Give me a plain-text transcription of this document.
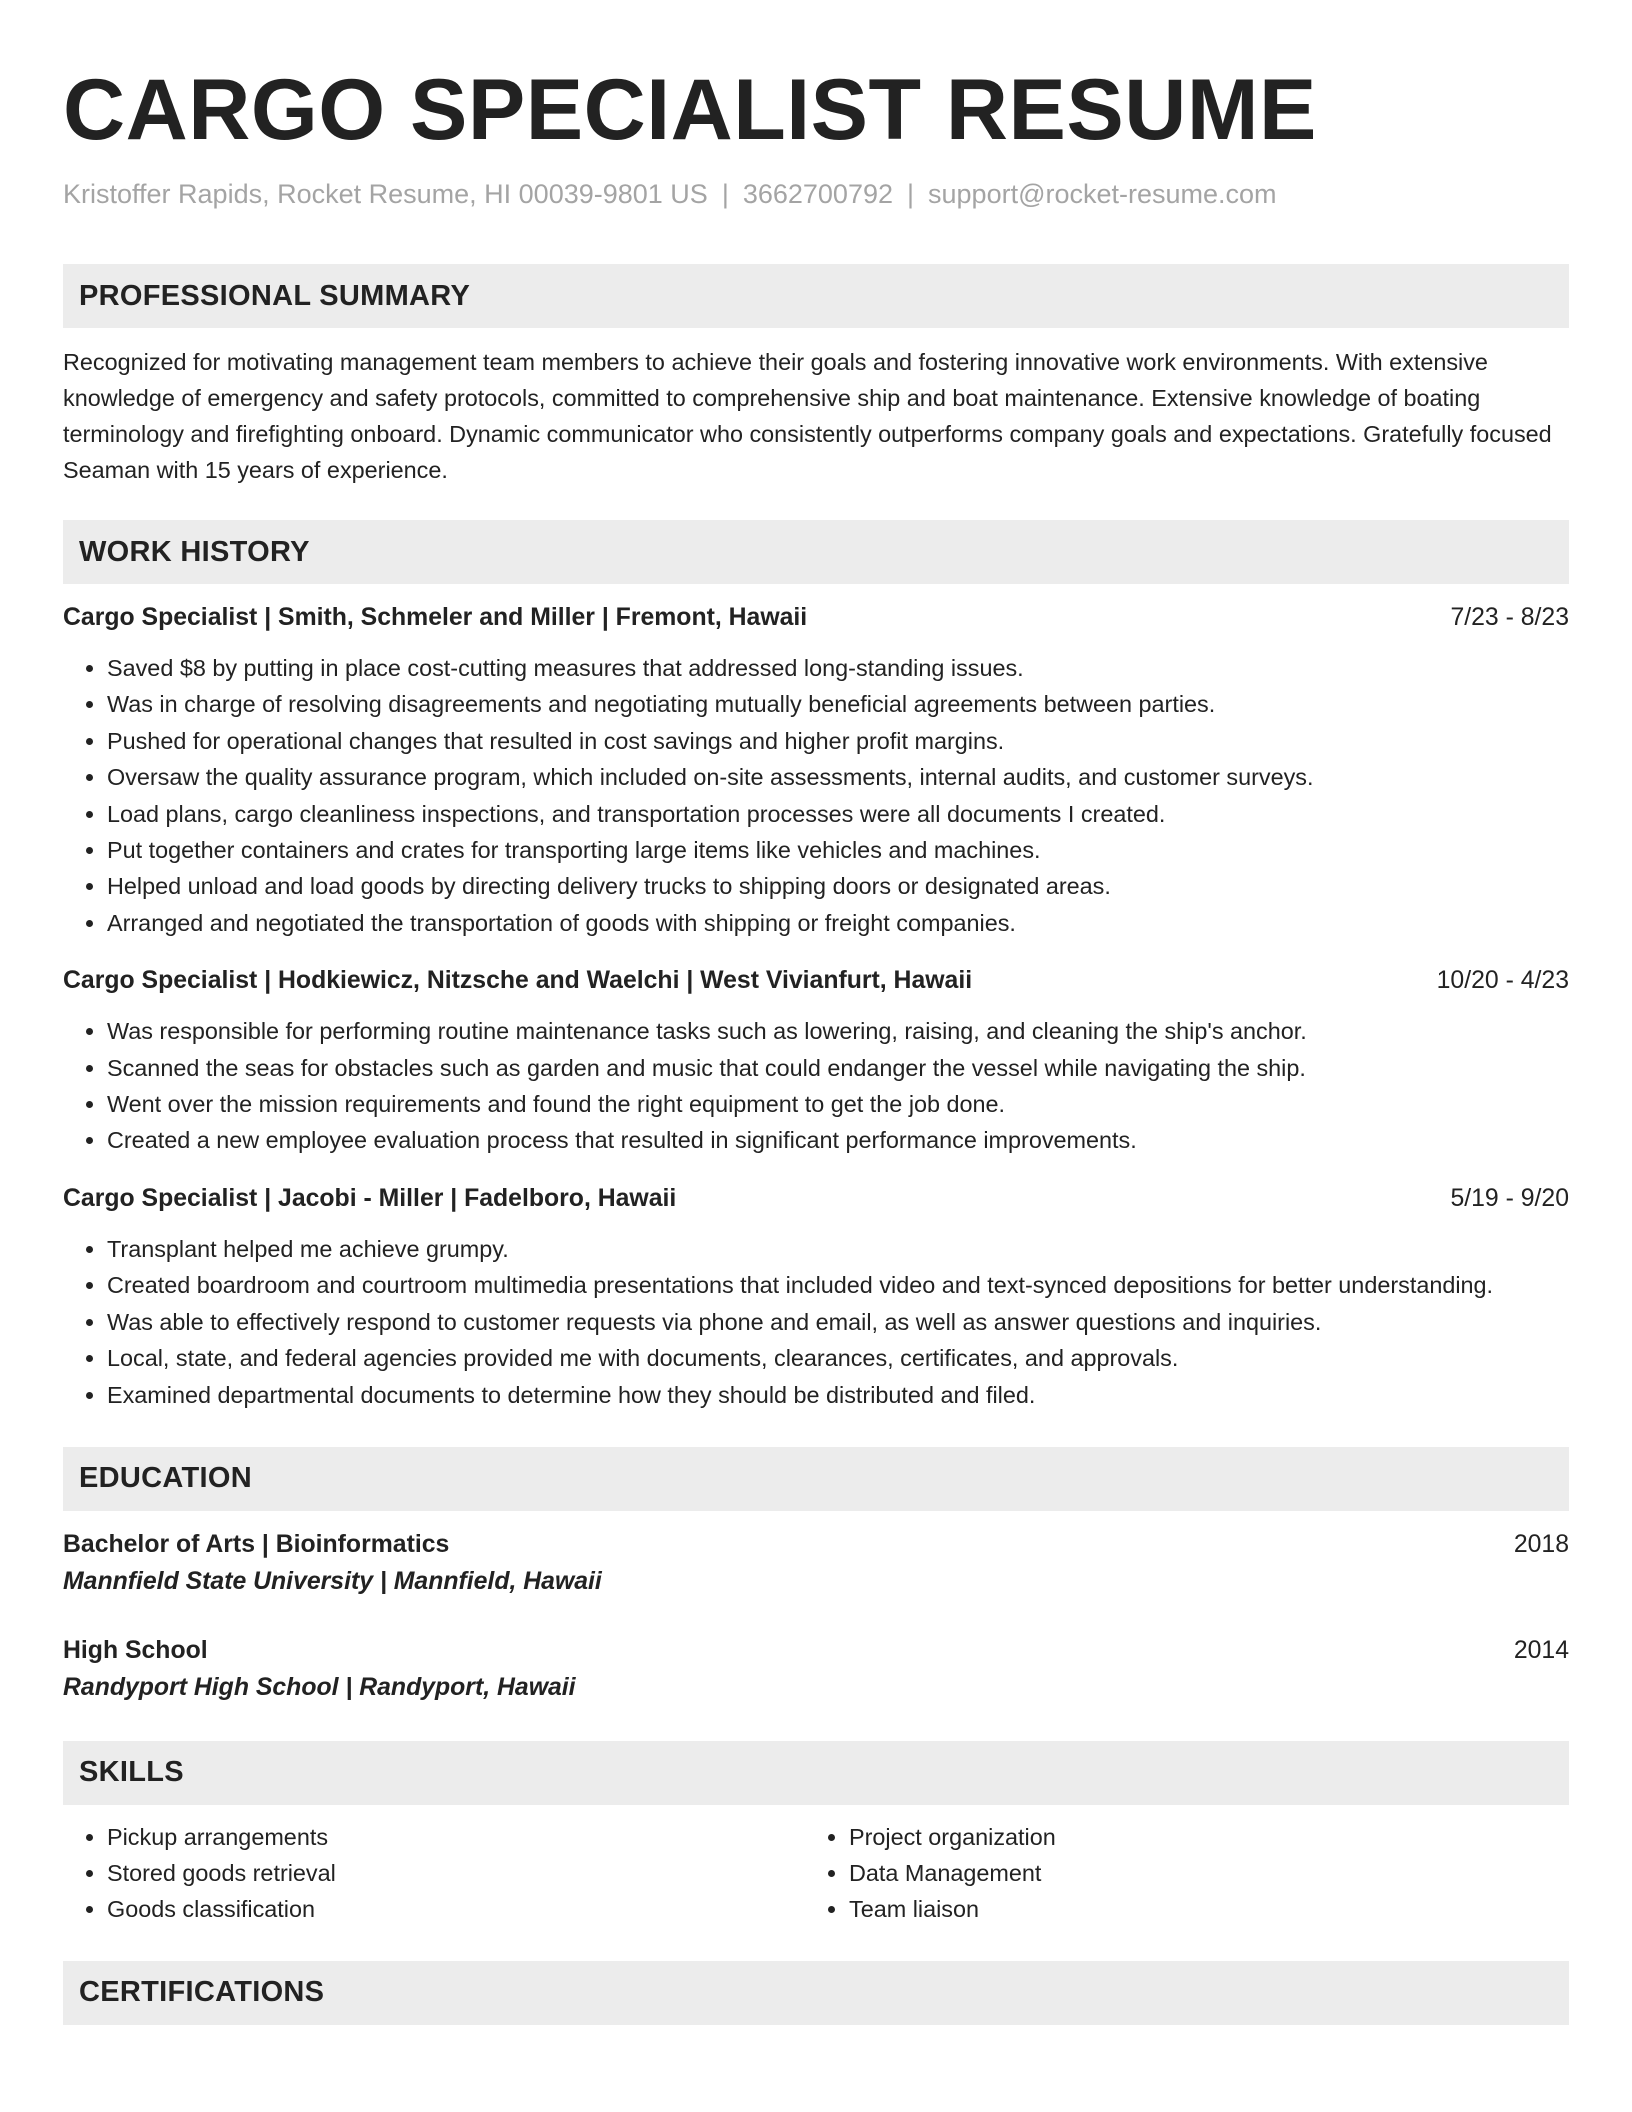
CARGO SPECIALIST RESUME
Kristoffer Rapids, Rocket Resume, HI 00039-9801 US | 3662700792 | support@rocket-resume.com
PROFESSIONAL SUMMARY

Recognized for motivating management team members to achieve their goals and fostering innovative work environments. With extensive knowledge of emergency and safety protocols, committed to comprehensive ship and boat maintenance. Extensive knowledge of boating terminology and firefighting onboard. Dynamic communicator who consistently outperforms company goals and expectations. Gratefully focused Seaman with 15 years of experience.

WORK HISTORY
Cargo Specialist | Smith, Schmeler and Miller | Fremont, Hawaii	7/23 - 8/23
• Saved $8 by putting in place cost-cutting measures that addressed long-standing issues.
• Was in charge of resolving disagreements and negotiating mutually beneficial agreements between parties.
• Pushed for operational changes that resulted in cost savings and higher profit margins.
• Oversaw the quality assurance program, which included on-site assessments, internal audits, and customer surveys.
• Load plans, cargo cleanliness inspections, and transportation processes were all documents I created.
• Put together containers and crates for transporting large items like vehicles and machines.
• Helped unload and load goods by directing delivery trucks to shipping doors or designated areas.
• Arranged and negotiated the transportation of goods with shipping or freight companies.
Cargo Specialist | Hodkiewicz, Nitzsche and Waelchi | West Vivianfurt, Hawaii	10/20 - 4/23
• Was responsible for performing routine maintenance tasks such as lowering, raising, and cleaning the ship's anchor.
• Scanned the seas for obstacles such as garden and music that could endanger the vessel while navigating the ship.
• Went over the mission requirements and found the right equipment to get the job done.
• Created a new employee evaluation process that resulted in significant performance improvements.
Cargo Specialist | Jacobi - Miller | Fadelboro, Hawaii	5/19 - 9/20
• Transplant helped me achieve grumpy.
• Created boardroom and courtroom multimedia presentations that included video and text-synced depositions for better understanding.
• Was able to effectively respond to customer requests via phone and email, as well as answer questions and inquiries.
• Local, state, and federal agencies provided me with documents, clearances, certificates, and approvals.
• Examined departmental documents to determine how they should be distributed and filed.
EDUCATION
Bachelor of Arts | Bioinformatics	2018
Mannfield State University | Mannfield, Hawaii
High School	2014
Randyport High School | Randyport, Hawaii
SKILLS
• Pickup arrangements
• Stored goods retrieval
• Goods classification
• Project organization
• Data Management
• Team liaison
CERTIFICATIONS
